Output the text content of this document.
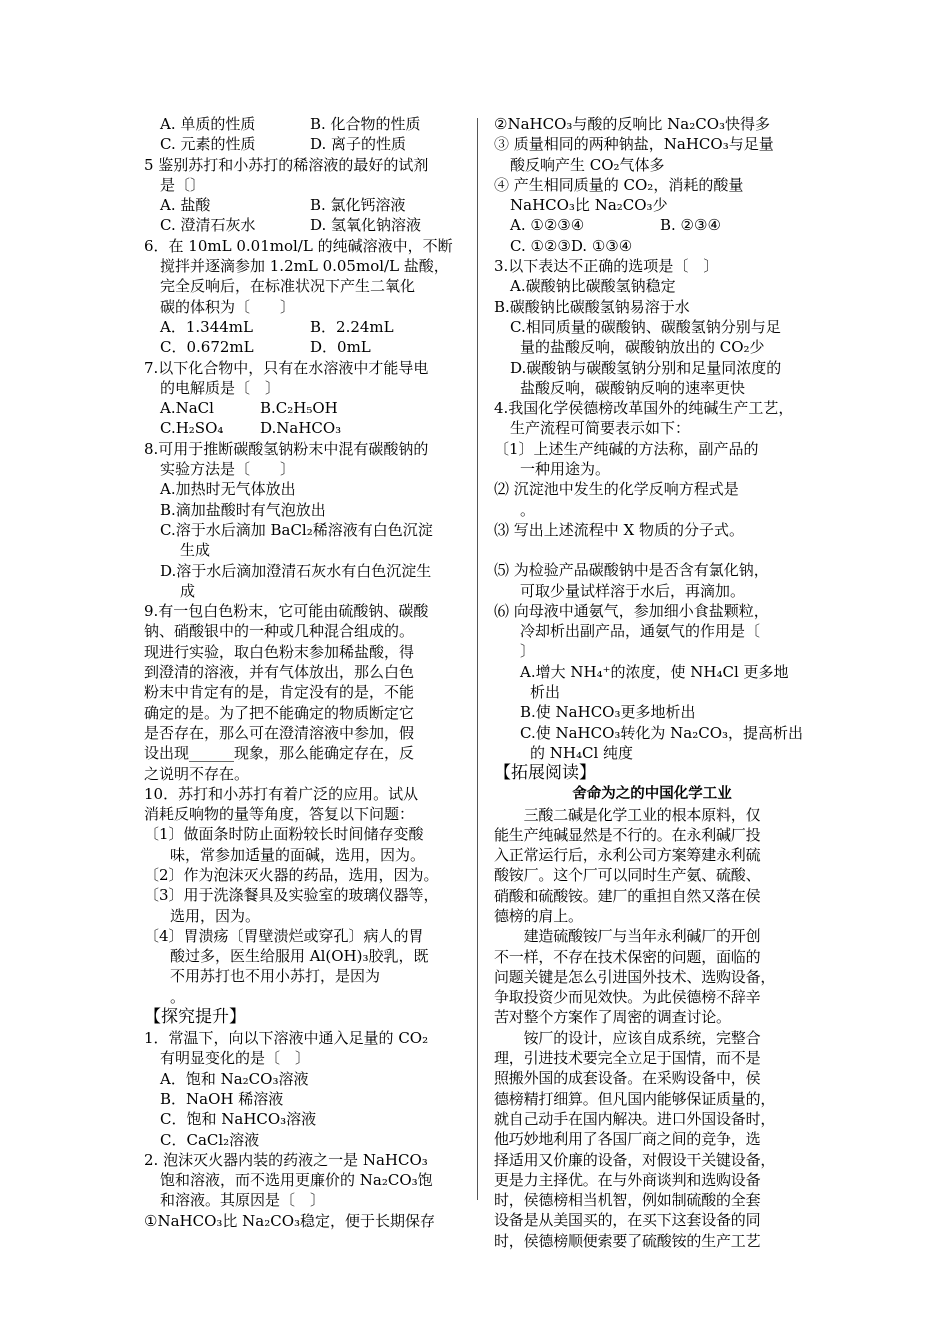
A. 单质的性质	B. 化合物的性质
C. 元素的性质	D. 离子的性质
5 鉴别苏打和小苏打的稀溶液的最好的试剂
是〔〕
A. 盐酸	B. 氯化钙溶液
C. 澄清石灰水	D. 氢氧化钠溶液
6．在 10mL 0.01mol/L 的纯碱溶液中，不断
搅拌并逐滴参加 1.2mL 0.05mol/L 盐酸，
完全反响后，在标准状况下产生二氧化
碳的体积为〔　　〕
A．1.344mL	B．2.24mL
C．0.672mL	D．0mL
7.以下化合物中，只有在水溶液中才能导电
的电解质是〔　〕
A.NaCl	B.C₂H₅OH
C.H₂SO₄ D.NaHCO₃
8.可用于推断碳酸氢钠粉末中混有碳酸钠的
实验方法是〔　　〕
A.加热时无气体放出
B.滴加盐酸时有气泡放出
C.溶于水后滴加 BaCl₂稀溶液有白色沉淀
生成
D.溶于水后滴加澄清石灰水有白色沉淀生
成
9.有一包白色粉末，它可能由硫酸钠、碳酸
钠、硝酸银中的一种或几种混合组成的。
现进行实验，取白色粉末参加稀盐酸，得
到澄清的溶液，并有气体放出，那么白色
粉末中肯定有的是，肯定没有的是，不能
确定的是。为了把不能确定的物质断定它
是否存在，那么可在澄清溶液中参加，假
设出现______现象，那么能确定存在，反
之说明不存在。
10．苏打和小苏打有着广泛的应用。试从
消耗反响物的量等角度，答复以下问题：
〔1〕做面条时防止面粉较长时间储存变酸
味，常参加适量的面碱，选用，因为。
〔2〕作为泡沫灭火器的药品，选用，因为。
〔3〕用于洗涤餐具及实验室的玻璃仪器等，
选用，因为。
〔4〕胃溃疡〔胃壁溃烂或穿孔〕病人的胃
酸过多，医生给服用 Al(OH)₃胶乳，既
不用苏打也不用小苏打，是因为
。
【探究提升】
1．常温下，向以下溶液中通入足量的 CO₂
有明显变化的是〔　〕
A．饱和 Na₂CO₃溶液
B．NaOH 稀溶液
C．饱和 NaHCO₃溶液
C．CaCl₂溶液
2. 泡沫灭火器内装的药液之一是 NaHCO₃
饱和溶液，而不选用更廉价的 Na₂CO₃饱
和溶液。其原因是〔　〕
①NaHCO₃比 Na₂CO₃稳定，便于长期保存
②NaHCO₃与酸的反响比 Na₂CO₃快得多
③ 质量相同的两种钠盐，NaHCO₃与足量
酸反响产生 CO₂气体多
④ 产生相同质量的 CO₂，消耗的酸量
NaHCO₃比 Na₂CO₃少
A. ①②③④	B. ②③④
C. ①②③D. ①③④
3.以下表达不正确的选项是〔　〕
A.碳酸钠比碳酸氢钠稳定
B.碳酸钠比碳酸氢钠易溶于水
C.相同质量的碳酸钠、碳酸氢钠分别与足
量的盐酸反响，碳酸钠放出的 CO₂少
D.碳酸钠与碳酸氢钠分别和足量同浓度的
盐酸反响，碳酸钠反响的速率更快
4.我国化学侯德榜改革国外的纯碱生产工艺，
生产流程可简要表示如下：
〔1〕上述生产纯碱的方法称，副产品的
一种用途为。
⑵ 沉淀池中发生的化学反响方程式是
。
⑶ 写出上述流程中 X 物质的分子式。
⑸ 为检验产品碳酸钠中是否含有氯化钠，
可取少量试样溶于水后，再滴加。
⑹ 向母液中通氨气，参加细小食盐颗粒，
冷却析出副产品，通氨气的作用是〔
〕
A.增大 NH₄⁺的浓度，使 NH₄Cl 更多地
析出
B.使 NaHCO₃更多地析出
C.使 NaHCO₃转化为 Na₂CO₃，提高析出
的 NH₄Cl 纯度
【拓展阅读】
舍命为之的中国化学工业
　　三酸二碱是化学工业的根本原料，仅
能生产纯碱显然是不行的。在永利碱厂投
入正常运行后，永利公司方案筹建永利硫
酸铵厂。这个厂可以同时生产氨、硫酸、
硝酸和硫酸铵。建厂的重担自然又落在侯
德榜的肩上。
　　建造硫酸铵厂与当年永利碱厂的开创
不一样，不存在技术保密的问题，面临的
问题关键是怎么引进国外技术、选购设备，
争取投资少而见效快。为此侯德榜不辞辛
苦对整个方案作了周密的调查讨论。
　　铵厂的设计，应该自成系统，完整合
理，引进技术要完全立足于国情，而不是
照搬外国的成套设备。在采购设备中，侯
德榜精打细算。但凡国内能够保证质量的，
就自己动手在国内解决。进口外国设备时，
他巧妙地利用了各国厂商之间的竞争，选
择适用又价廉的设备，对假设干关键设备，
更是力主择优。在与外商谈判和选购设备
时，侯德榜相当机智，例如制硫酸的全套
设备是从美国买的，在买下这套设备的同
时，侯德榜顺便索要了硫酸铵的生产工艺
